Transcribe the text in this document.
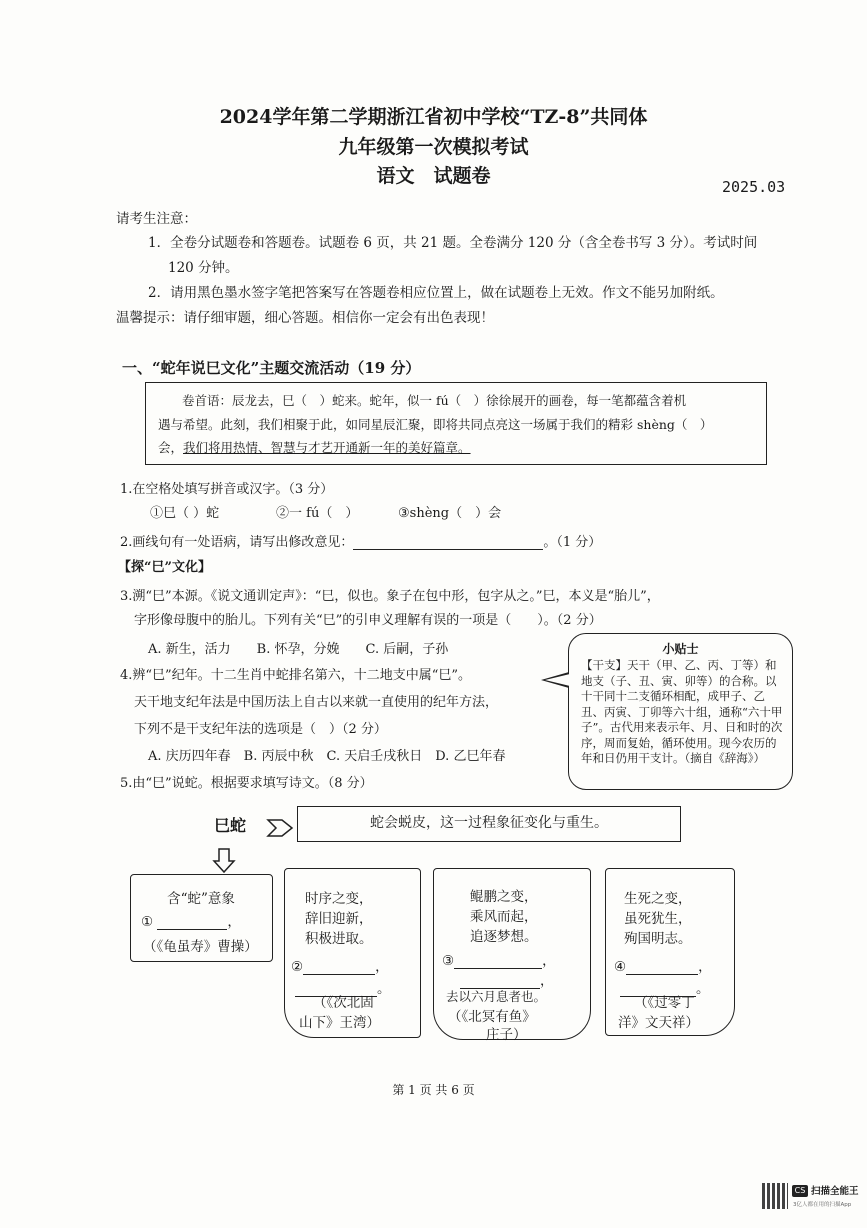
2024学年第二学期浙江省初中学校“TZ-8”共同体
九年级第一次模拟考试
语文　试题卷	2025.03
请考生注意：
1．全卷分试题卷和答题卷。试题卷 6 页，共 21 题。全卷满分 120 分（含全卷书写 3 分）。考试时间
120 分钟。
2．请用黑色墨水签字笔把答案写在答题卷相应位置上，做在试题卷上无效。作文不能另加附纸。
温馨提示：请仔细审题，细心答题。相信你一定会有出色表现！
一、“蛇年说巳文化”主题交流活动（19 分）
卷首语：辰龙去，巳（　）蛇来。蛇年，似一 fú（　）徐徐展开的画卷，每一笔都蕴含着机
遇与希望。此刻，我们相聚于此，如同星辰汇聚，即将共同点亮这一场属于我们的精彩 shèng（　）
会，我们将用热情、智慧与才艺开通新一年的美好篇章。
1.在空格处填写拼音或汉字。（3 分）
①巳（ ）蛇	②一 fú（　）	③shèng（　）会
2.画线句有一处语病，请写出修改意见：	。（1 分）
【探“巳”文化】
3.溯“巳”本源。《说文通训定声》：“巳，似也。象子在包中形，包字从之。”巳，本义是“胎儿”，
字形像母腹中的胎儿。下列有关“巳”的引申义理解有误的一项是（　　）。（2 分）
A. 新生，活力　　B. 怀孕，分娩　　C. 后嗣，子孙
4.辨“巳”纪年。十二生肖中蛇排名第六，十二地支中属“巳”。
天干地支纪年法是中国历法上自古以来就一直使用的纪年方法，
下列不是干支纪年法的选项是（　）（2 分）
A. 庆历四年春　B. 丙辰中秋　C. 天启壬戌秋日　D. 乙巳年春
5.由“巳”说蛇。根据要求填写诗文。（8 分）
小贴士
【干支】天干（甲、乙、丙、丁等）和地支（子、丑、寅、卯等）的合称。以十干同十二支循环相配，成甲子、乙丑、丙寅、丁卯等六十组，通称“六十甲子”。古代用来表示年、月、日和时的次序，周而复始，循环使用。现今农历的年和日仍用干支计。（摘自《辞海》）
巳蛇	蛇会蜕皮，这一过程象征变化与重生。
含“蛇”意象
①	，
（《龟虽寿》曹操）
时序之变，
辞旧迎新，
积极进取。
②	，
。
（《次北固
山下》王湾）
鲲鹏之变，
乘风而起，
追逐梦想。
③	，
，
去以六月息者也。
（《北冥有鱼》
庄子）
生死之变，
虽死犹生，
殉国明志。
④	，
。
（《过零丁
洋》文天祥）
第 1 页 共 6 页
CS 扫描全能王
3亿人都在用的扫描App
